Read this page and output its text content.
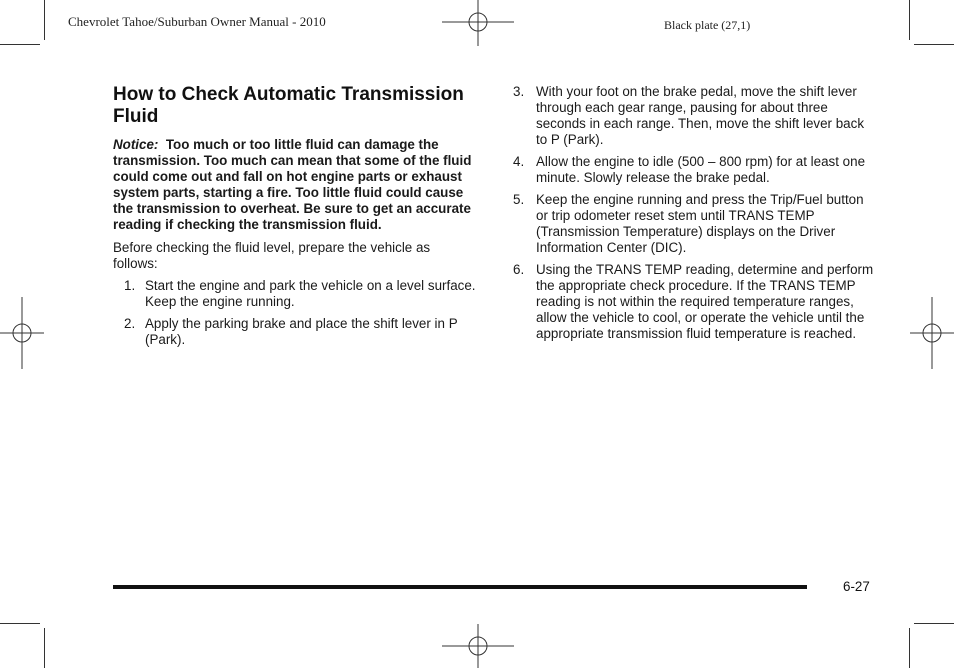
Chevrolet Tahoe/Suburban Owner Manual - 2010	Black plate (27,1)
How to Check Automatic Transmission Fluid
Notice: Too much or too little fluid can damage the transmission. Too much can mean that some of the fluid could come out and fall on hot engine parts or exhaust system parts, starting a fire. Too little fluid could cause the transmission to overheat. Be sure to get an accurate reading if checking the transmission fluid.

Before checking the fluid level, prepare the vehicle as follows:

1. Start the engine and park the vehicle on a level surface. Keep the engine running.
2. Apply the parking brake and place the shift lever in P (Park).
3. With your foot on the brake pedal, move the shift lever through each gear range, pausing for about three seconds in each range. Then, move the shift lever back to P (Park).
4. Allow the engine to idle (500 – 800 rpm) for at least one minute. Slowly release the brake pedal.
5. Keep the engine running and press the Trip/Fuel button or trip odometer reset stem until TRANS TEMP (Transmission Temperature) displays on the Driver Information Center (DIC).
6. Using the TRANS TEMP reading, determine and perform the appropriate check procedure. If the TRANS TEMP reading is not within the required temperature ranges, allow the vehicle to cool, or operate the vehicle until the appropriate transmission fluid temperature is reached.
6-27
